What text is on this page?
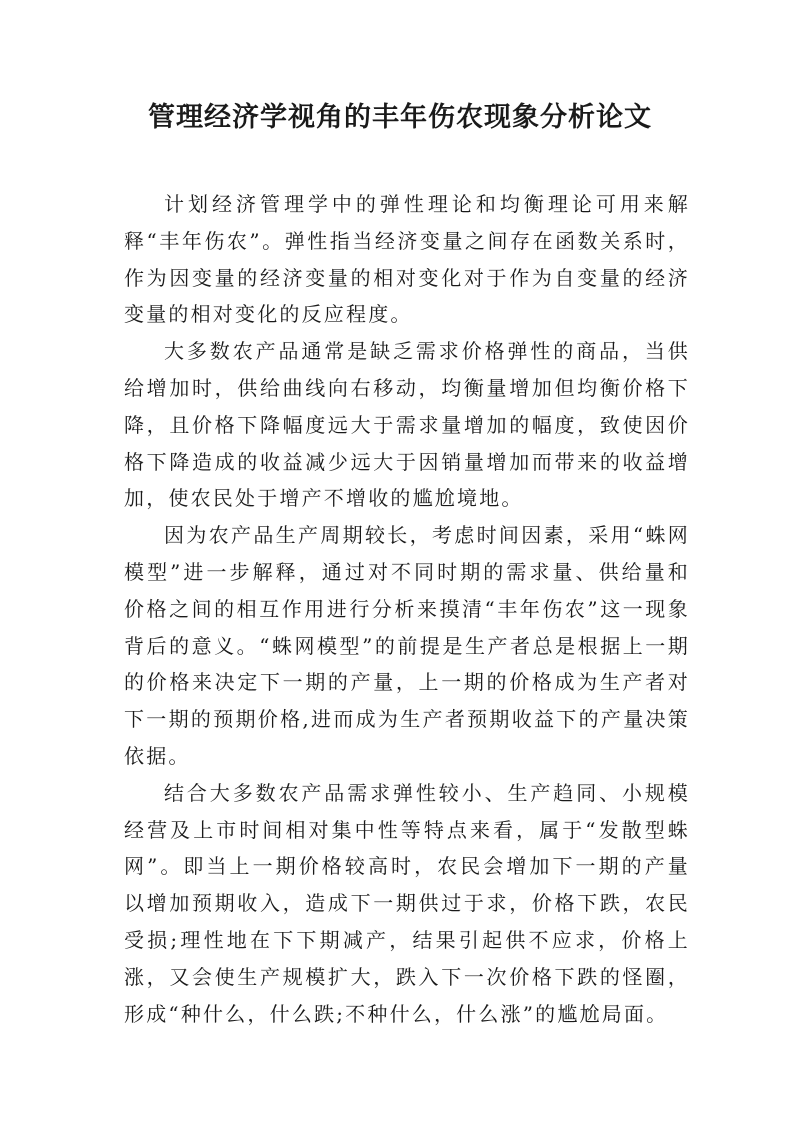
管理经济学视角的丰年伤农现象分析论文

计划经济管理学中的弹性理论和均衡理论可用来解释“丰年伤农”。弹性指当经济变量之间存在函数关系时，作为因变量的经济变量的相对变化对于作为自变量的经济变量的相对变化的反应程度。

大多数农产品通常是缺乏需求价格弹性的商品，当供给增加时，供给曲线向右移动，均衡量增加但均衡价格下降，且价格下降幅度远大于需求量增加的幅度，致使因价格下降造成的收益减少远大于因销量增加而带来的收益增加，使农民处于增产不增收的尴尬境地。

因为农产品生产周期较长，考虑时间因素，采用“蛛网模型”进一步解释，通过对不同时期的需求量、供给量和价格之间的相互作用进行分析来摸清“丰年伤农”这一现象背后的意义。“蛛网模型”的前提是生产者总是根据上一期的价格来决定下一期的产量，上一期的价格成为生产者对下一期的预期价格,进而成为生产者预期收益下的产量决策依据。

结合大多数农产品需求弹性较小、生产趋同、小规模经营及上市时间相对集中性等特点来看，属于“发散型蛛网”。即当上一期价格较高时，农民会增加下一期的产量以增加预期收入，造成下一期供过于求，价格下跌，农民受损;理性地在下下期减产，结果引起供不应求，价格上涨，又会使生产规模扩大，跌入下一次价格下跌的怪圈，形成“种什么，什么跌;不种什么，什么涨”的尴尬局面。
